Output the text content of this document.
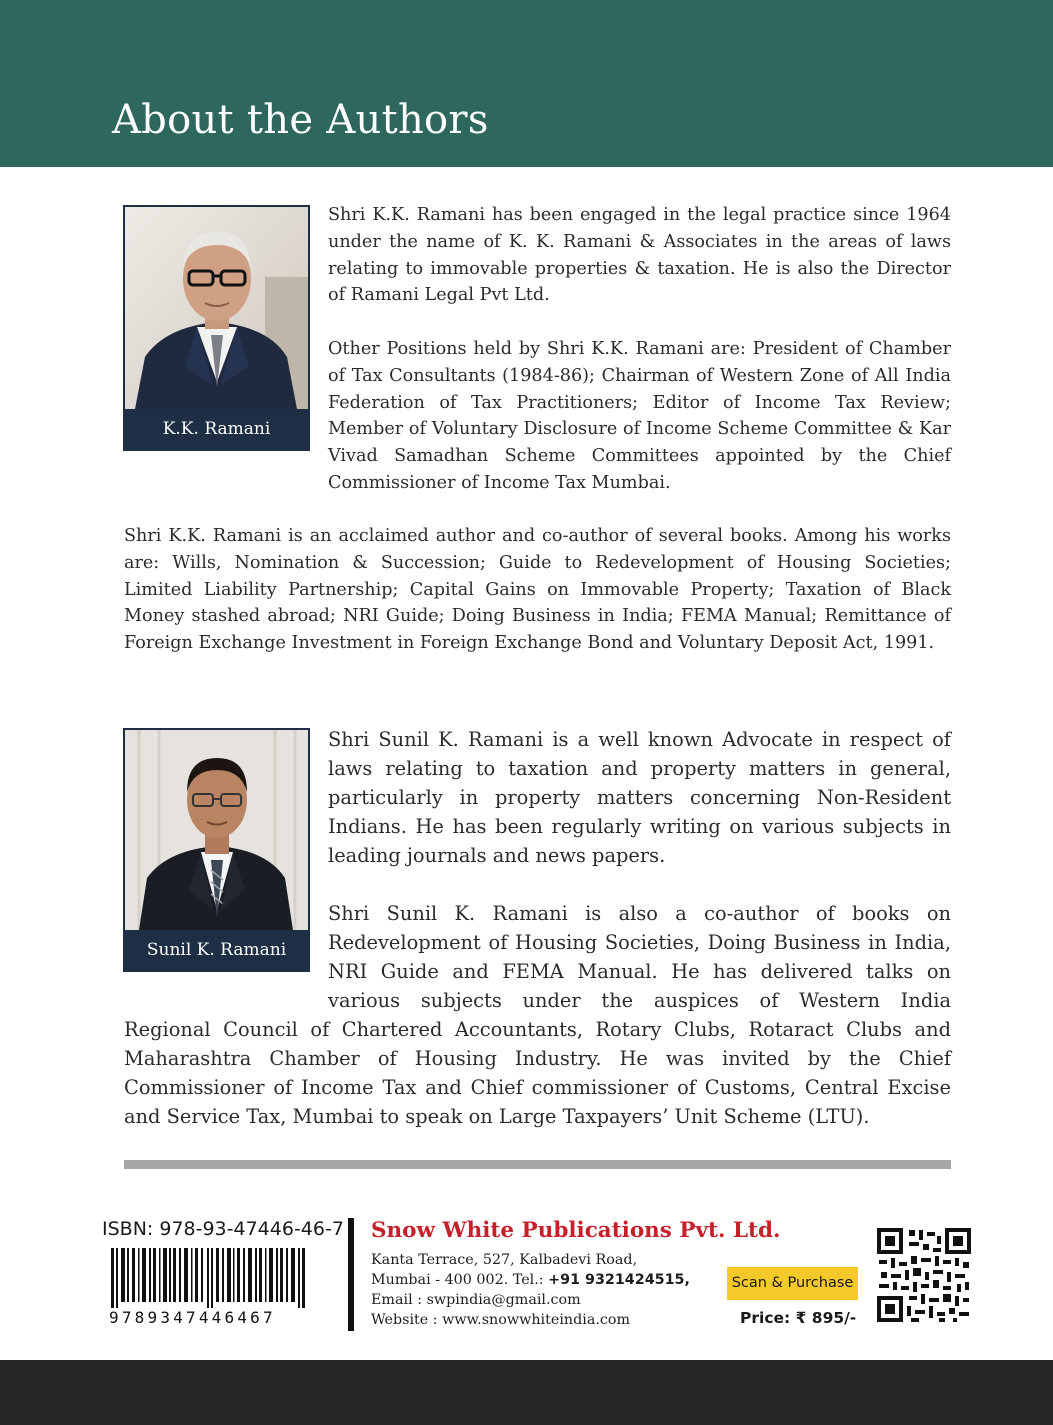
About the Authors
K.K. Ramani

Shri K.K. Ramani has been engaged in the legal practice since 1964 under the name of K. K. Ramani & Associates in the areas of laws relating to immovable properties & taxation. He is also the Director of Ramani Legal Pvt Ltd.

Other Positions held by Shri K.K. Ramani are: President of Chamber of Tax Consultants (1984-86); Chairman of Western Zone of All India Federation of Tax Practitioners; Editor of Income Tax Review; Member of Voluntary Disclosure of Income Scheme Committee & Kar Vivad Samadhan Scheme Committees appointed by the Chief Commissioner of Income Tax Mumbai.

Shri K.K. Ramani is an acclaimed author and co-author of several books. Among his works are: Wills, Nomination & Succession; Guide to Redevelopment of Housing Societies; Limited Liability Partnership; Capital Gains on Immovable Property; Taxation of Black Money stashed abroad; NRI Guide; Doing Business in India; FEMA Manual; Remittance of Foreign Exchange Investment in Foreign Exchange Bond and Voluntary Deposit Act, 1991.

Sunil K. Ramani

Shri Sunil K. Ramani is a well known Advocate in respect of laws relating to taxation and property matters in general, particularly in property matters concerning Non-Resident Indians. He has been regularly writing on various subjects in leading journals and news papers.

Shri Sunil K. Ramani is also a co-author of books on Redevelopment of Housing Societies, Doing Business in India, NRI Guide and FEMA Manual. He has delivered talks on various subjects under the auspices of Western India

Regional Council of Chartered Accountants, Rotary Clubs, Rotaract Clubs and Maharashtra Chamber of Housing Industry. He was invited by the Chief Commissioner of Income Tax and Chief commissioner of Customs, Central Excise and Service Tax, Mumbai to speak on Large Taxpayers’ Unit Scheme (LTU).

ISBN: 978-93-47446-46-7

9789347446467

Snow White Publications Pvt. Ltd.

Kanta Terrace, 527, Kalbadevi Road,

Mumbai - 400 002. Tel.: +91 9321424515,

Email : swpindia@gmail.com

Website : www.snowwhiteindia.com

Scan & Purchase

Price: ₹ 895/-
